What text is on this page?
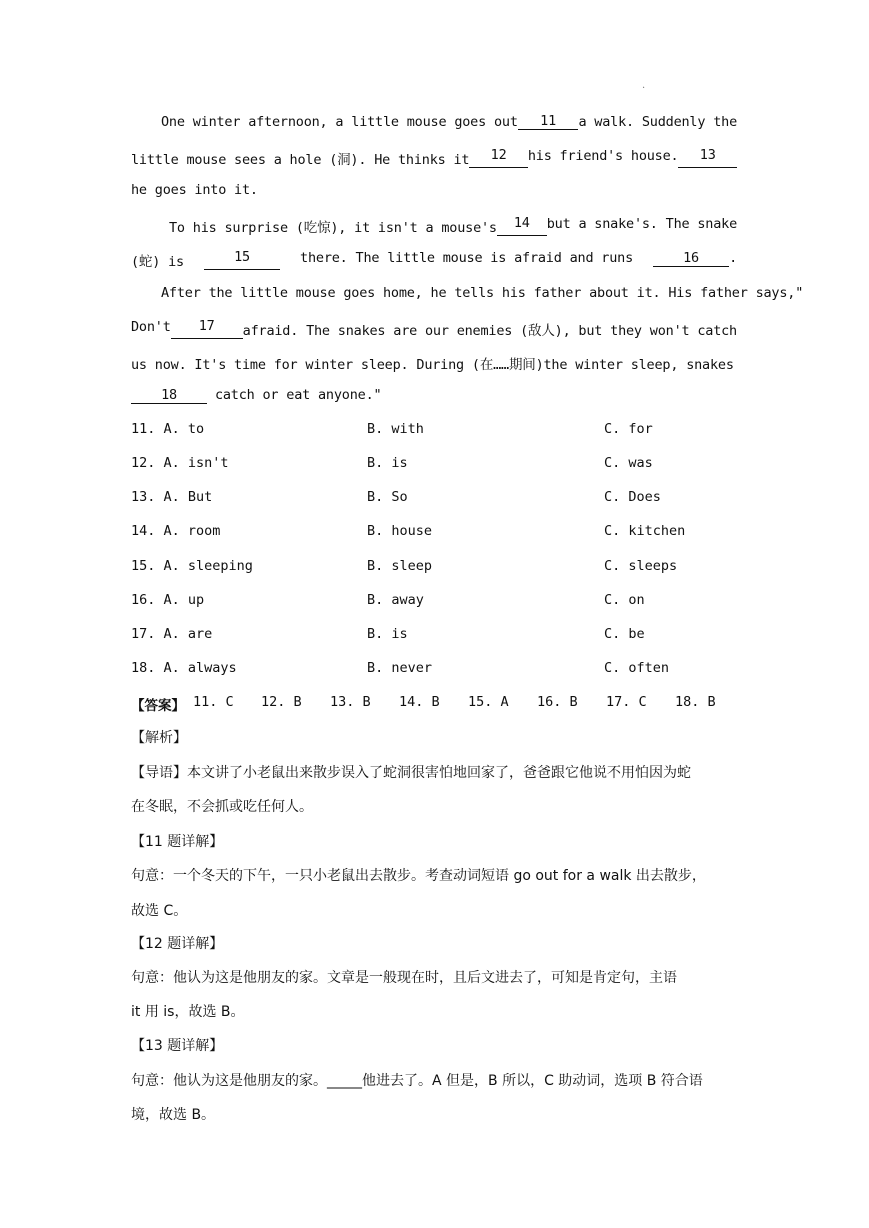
.
One winter afternoon, a little mouse goes out	11	a walk. Suddenly the
little mouse sees a hole (洞). He thinks it	12	his friend's house.	13
he goes into it.
To his surprise (吃惊), it isn't a mouse's	14	but a snake's. The snake
(蛇) is	15	there. The little mouse is afraid and runs	16 .
After the little mouse goes home, he tells his father about it. His father says,"
Don't	17	afraid. The snakes are our enemies (敌人), but they won't catch
us now. It's time for winter sleep. During (在……期间)the winter sleep, snakes
18	catch or eat anyone."
11. A. to	B. with	C. for
12. A. isn't	B. is	C. was
13. A. But	B. So	C. Does
14. A. room	B. house	C. kitchen
15. A. sleeping	B. sleep	C. sleeps
16. A. up	B. away	C. on
17. A. are	B. is	C. be
18. A. always	B. never	C. often
【答案】 11. C 12. B 13. B 14. B 15. A 16. B 17. C 18. B
【解析】
【导语】本文讲了小老鼠出来散步误入了蛇洞很害怕地回家了，爸爸跟它他说不用怕因为蛇
在冬眠，不会抓或吃任何人。
【11 题详解】
句意：一个冬天的下午，一只小老鼠出去散步。考查动词短语 go out for a walk 出去散步，
故选 C。
【12 题详解】
句意：他认为这是他朋友的家。文章是一般现在时，且后文进去了，可知是肯定句，主语
it 用 is，故选 B。
【13 题详解】
句意：他认为这是他朋友的家。_____他进去了。A 但是，B 所以，C 助动词，选项 B 符合语
境，故选 B。
